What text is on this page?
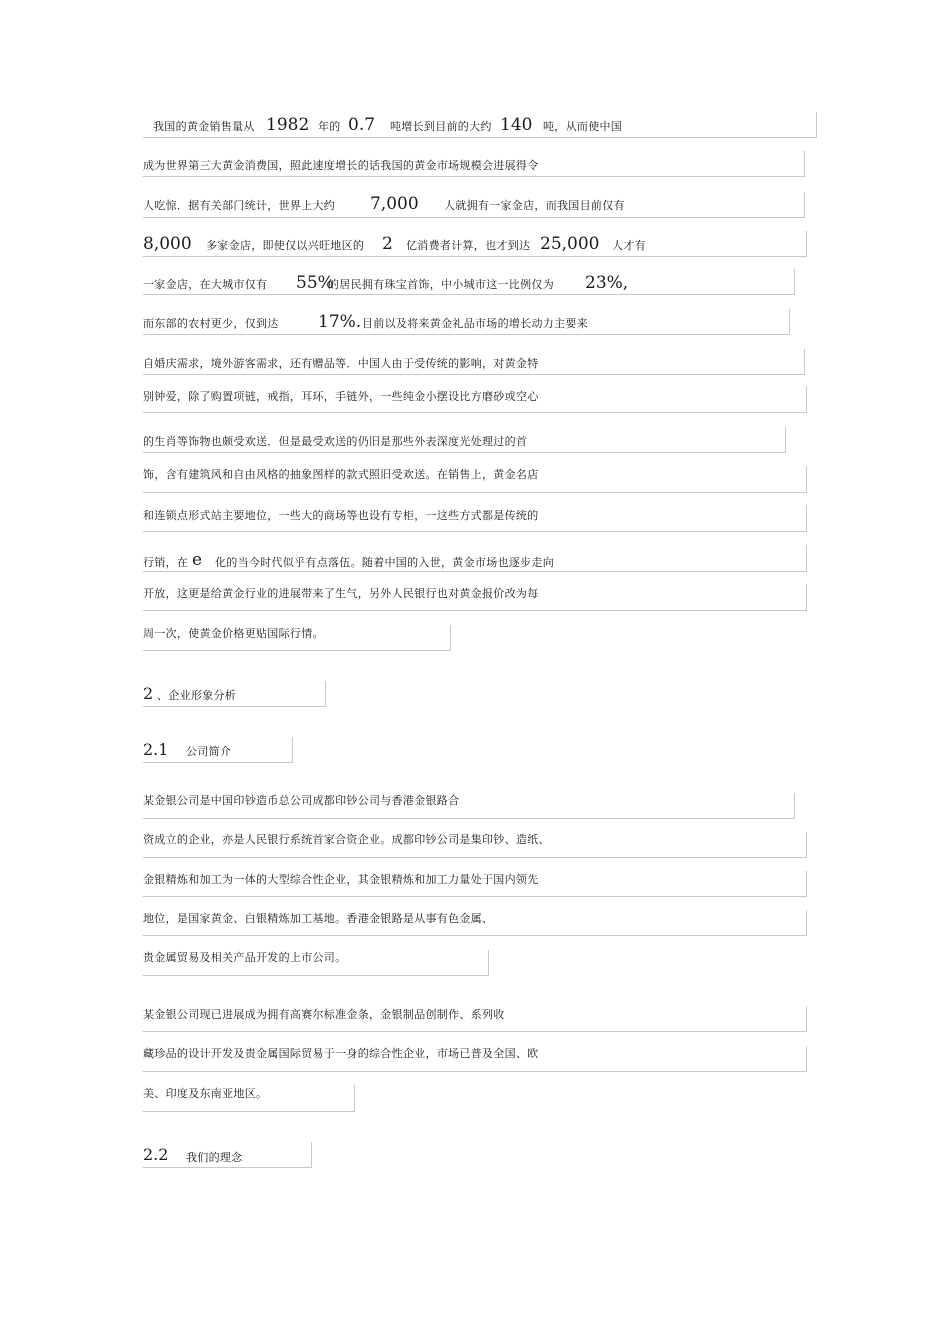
我国的黄金销售量从 1982 年的 0.7 吨增长到目前的大约 140 吨，从而使中国
成为世界第三大黄金消费国，照此速度增长的话我国的黄金市场规模会进展得令
人吃惊．据有关部门统计，世界上大约 7,000 人就拥有一家金店，而我国目前仅有
8,000 多家金店，即使仅以兴旺地区的 2 亿消费者计算，也才到达 25,000 人才有
一家金店，在大城市仅有 55%
的居民拥有珠宝首饰，中小城市这一比例仅为 23%,
而东部的农村更少，仅到达 17%. 目前以及将来黄金礼品市场的增长动力主要来
自婚庆需求，境外游客需求，还有赠品等．中国人由于受传统的影响，对黄金特
别钟爱，除了购置项链，戒指，耳环，手链外，一些纯金小摆设比方磨砂或空心
的生肖等饰物也颇受欢送．但是最受欢送的仍旧是那些外表深度光处理过的首
饰，含有建筑风和自由风格的抽象图样的款式照旧受欢送。在销售上，黄金名店
和连锁点形式站主要地位，一些大的商场等也设有专柜，一这些方式都是传统的
行销，在 e 化的当今时代似乎有点落伍。随着中国的入世，黄金市场也逐步走向
开放，这更是给黄金行业的进展带来了生气，另外人民银行也对黄金报价改为每
周一次，使黄金价格更贴国际行情。
2 、企业形象分析
2.1 公司简介
某金银公司是中国印钞造币总公司成都印钞公司与香港金银路合
资成立的企业，亦是人民银行系统首家合资企业。成都印钞公司是集印钞、造纸、
金银精炼和加工为一体的大型综合性企业，其金银精炼和加工力量处于国内领先
地位，是国家黄金、白银精炼加工基地。香港金银路是从事有色金属、
贵金属贸易及相关产品开发的上市公司。
某金银公司现已进展成为拥有高赛尔标准金条，金银制品创制作、系列收
藏珍品的设计开发及贵金属国际贸易于一身的综合性企业，市场已普及全国、欧
美、印度及东南亚地区。
2.2 我们的理念
